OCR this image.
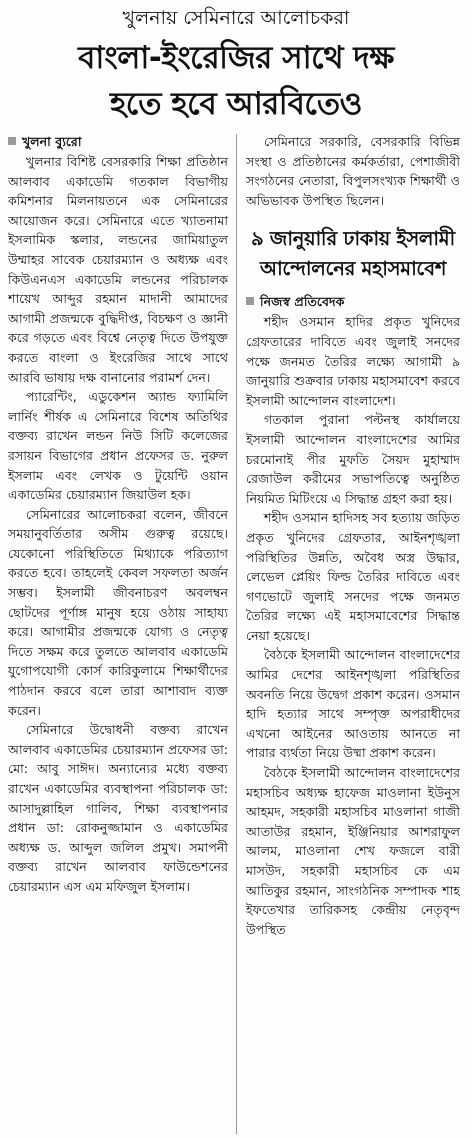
খুলনায় সেমিনারে আলোচকরা
বাংলা-ইংরেজির সাথে দক্ষ
হতে হবে আরবিতেও
খুলনা ব্যুরো

খুলনার বিশিষ্ট বেসরকারি শিক্ষা প্রতিষ্ঠান আলবাব একাডেমি গতকাল বিভাগীয় কমিশনার মিলনায়তনে এক সেমিনারের আয়োজন করে। সেমিনারে এতে খ্যাতনামা ইসলামিক স্কলার, লন্ডনের জামিয়াতুল উম্মাহর সাবেক চেয়ারম্যান ও অধ্যক্ষ এবং কিউএনএস একাডেমি লন্ডনের পরিচালক শায়েখ আব্দুর রহমান মাদানী আমাদের আগামী প্রজন্মকে বুদ্ধিদীপ্ত, বিচক্ষণ ও জ্ঞানী করে গড়তে এবং বিশ্বে নেতৃত্ব দিতে উপযুক্ত করতে বাংলা ও ইংরেজির সাথে সাথে আরবি ভাষায় দক্ষ বানানোর পরামর্শ দেন।

প্যারেন্টিং, এডুকেশন অ্যান্ড ফ্যামিলি লার্নিং শীর্ষক এ সেমিনারে বিশেষ অতিথির বক্তব্য রাখেন লন্ডন নিউ সিটি কলেজের রসায়ন বিভাগের প্রধান প্রফেসর ড. নুরুল ইসলাম এবং লেখক ও টুয়েন্টি ওয়ান একাডেমির চেয়ারম্যান জিয়াউল হক।

সেমিনারের আলোচকরা বলেন, জীবনে সময়ানুবর্তিতার অসীম গুরুত্ব রয়েছে। যেকোনো পরিস্থিতিতে মিথ্যাকে পরিত্যাগ করতে হবে। তাহলেই কেবল সফলতা অর্জন সম্ভব। ইসলামী জীবনাচরণ অবলম্বন ছোটদের পূর্ণাঙ্গ মানুষ হয়ে ওঠায় সাহায্য করে। আগামীর প্রজন্মকে যোগ্য ও নেতৃত্ব দিতে সক্ষম করে তুলতে আলবাব একাডেমি যুগোপযোগী কোর্স কারিকুলামে শিক্ষার্থীদের পাঠদান করবে বলে তারা আশাবাদ ব্যক্ত করেন।

সেমিনারে উদ্বোধনী বক্তব্য রাখেন আলবাব একাডেমির চেয়ারম্যান প্রফেসর ডা: মো: আবু সাঈদ। অন্যান্যের মধ্যে বক্তব্য রাখেন একাডেমির ব্যবস্থাপনা পরিচালক ডা: আসাদুল্লাহিল গালিব, শিক্ষা ব্যবস্থাপনার প্রধান ডা: রোকনুজ্জামান ও একাডেমির অধ্যক্ষ ড. আব্দুল জলিল প্রমুখ। সমাপনী বক্তব্য রাখেন আলবাব ফাউন্ডেশনের চেয়ারম্যান এস এম মফিজুল ইসলাম।

সেমিনারে সরকারি, বেসরকারি বিভিন্ন সংস্থা ও প্রতিষ্ঠানের কর্মকর্তারা, পেশাজীবী সংগঠনের নেতারা, বিপুলসংখ্যক শিক্ষার্থী ও অভিভাবক উপস্থিত ছিলেন।

৯ জানুয়ারি ঢাকায় ইসলামী আন্দোলনের মহাসমাবেশ
নিজস্ব প্রতিবেদক

শহীদ ওসমান হাদির প্রকৃত খুনিদের গ্রেফতারের দাবিতে এবং জুলাই সনদের পক্ষে জনমত তৈরির লক্ষ্যে আগামী ৯ জানুয়ারি শুক্রবার ঢাকায় মহাসমাবেশ করবে ইসলামী আন্দোলন বাংলাদেশ।

গতকাল পুরানা পল্টনস্থ কার্যালয়ে ইসলামী আন্দোলন বাংলাদেশের আমির চরমোনাই পীর মুফতি সৈয়দ মুহাম্মাদ রেজাউল করীমের সভাপতিত্বে অনুষ্ঠিত নিয়মিত মিটিংয়ে এ সিদ্ধান্ত গ্রহণ করা হয়।

শহীদ ওসমান হাদিসহ সব হত্যায় জড়িত প্রকৃত খুনিদের গ্রেফতার, আইনশৃঙ্খলা পরিস্থিতির উন্নতি, অবৈধ অস্ত্র উদ্ধার, লেভেল প্লেয়িং ফিল্ড তৈরির দাবিতে এবং গণভোটে জুলাই সনদের পক্ষে জনমত তৈরির লক্ষ্যে এই মহাসমাবেশের সিদ্ধান্ত নেয়া হয়েছে।

বৈঠকে ইসলামী আন্দোলন বাংলাদেশের আমির দেশের আইনশৃঙ্খলা পরিস্থিতির অবনতি নিয়ে উদ্বেগ প্রকাশ করেন। ওসমান হাদি হত্যার সাথে সম্পৃক্ত অপরাধীদের এখনো আইনের আওতায় আনতে না পারার ব্যর্থতা নিয়ে উষ্মা প্রকাশ করেন।

বৈঠকে ইসলামী আন্দোলন বাংলাদেশের মহাসচিব অধ্যক্ষ হাফেজ মাওলানা ইউনুস আহমদ, সহকারী মহাসচিব মাওলানা গাজী আতাউর রহমান, ইঞ্জিনিয়ার আশরাফুল আলম, মাওলানা শেখ ফজলে বারী মাসউদ, সহকারী মহাসচিব কে এম আতিকুর রহমান, সাংগঠনিক সম্পাদক শাহ ইফতেখার তারিকসহ কেন্দ্রীয় নেতৃবৃন্দ উপস্থিত
